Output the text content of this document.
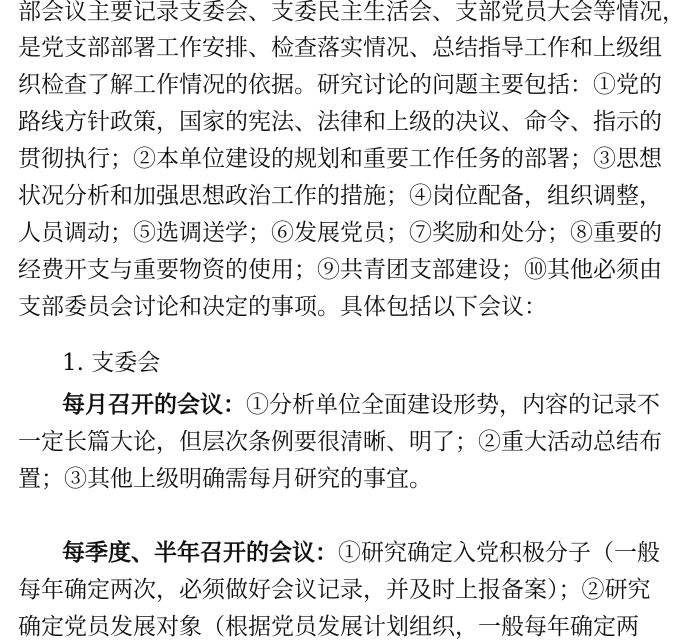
部会议主要记录支委会、支委民主生活会、支部党员大会等情况，
是党支部部署工作安排、检查落实情况、总结指导工作和上级组
织检查了解工作情况的依据。研究讨论的问题主要包括：①党的
路线方针政策，国家的宪法、法律和上级的决议、命令、指示的
贯彻执行；②本单位建设的规划和重要工作任务的部署；③思想
状况分析和加强思想政治工作的措施；④岗位配备，组织调整，
人员调动；⑤选调送学；⑥发展党员；⑦奖励和处分；⑧重要的
经费开支与重要物资的使用；⑨共青团支部建设；⑩其他必须由
支部委员会讨论和决定的事项。具体包括以下会议：
1. 支委会
每月召开的会议：①分析单位全面建设形势，内容的记录不
一定长篇大论，但层次条例要很清晰、明了；②重大活动总结布
置；③其他上级明确需每月研究的事宜。
每季度、半年召开的会议：①研究确定入党积极分子（一般
每年确定两次，必须做好会议记录，并及时上报备案）；②研究
确定党员发展对象（根据党员发展计划组织，一般每年确定两
